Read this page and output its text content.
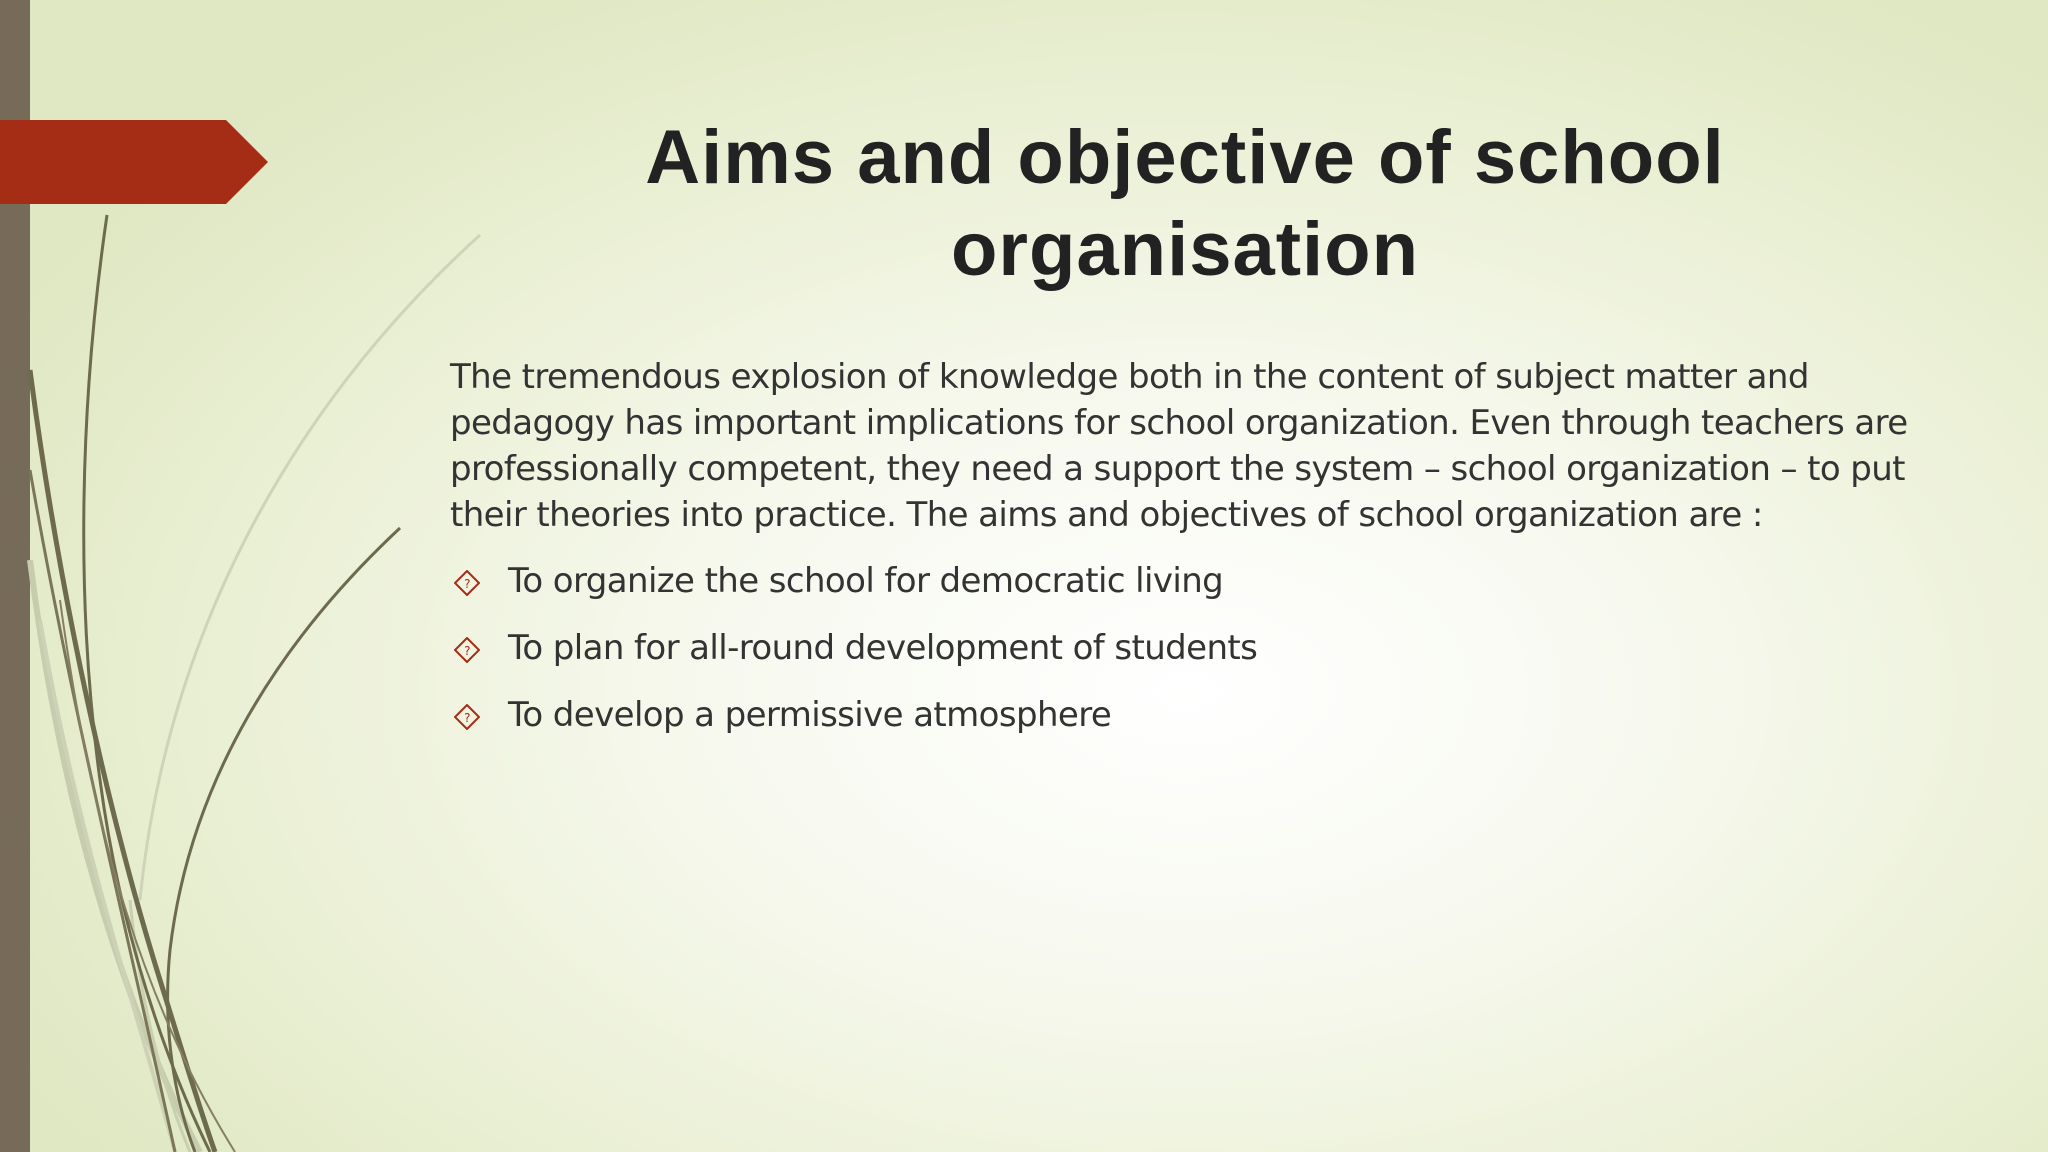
Aims and objective of school organisation

The tremendous explosion of knowledge both in the content of subject matter and pedagogy has important implications for school organization. Even through teachers are professionally competent, they need a support the system – school organization – to put their theories into practice. The aims and objectives of school organization are :

? To organize the school for democratic living
? To plan for all-round development of students
? To develop a permissive atmosphere
